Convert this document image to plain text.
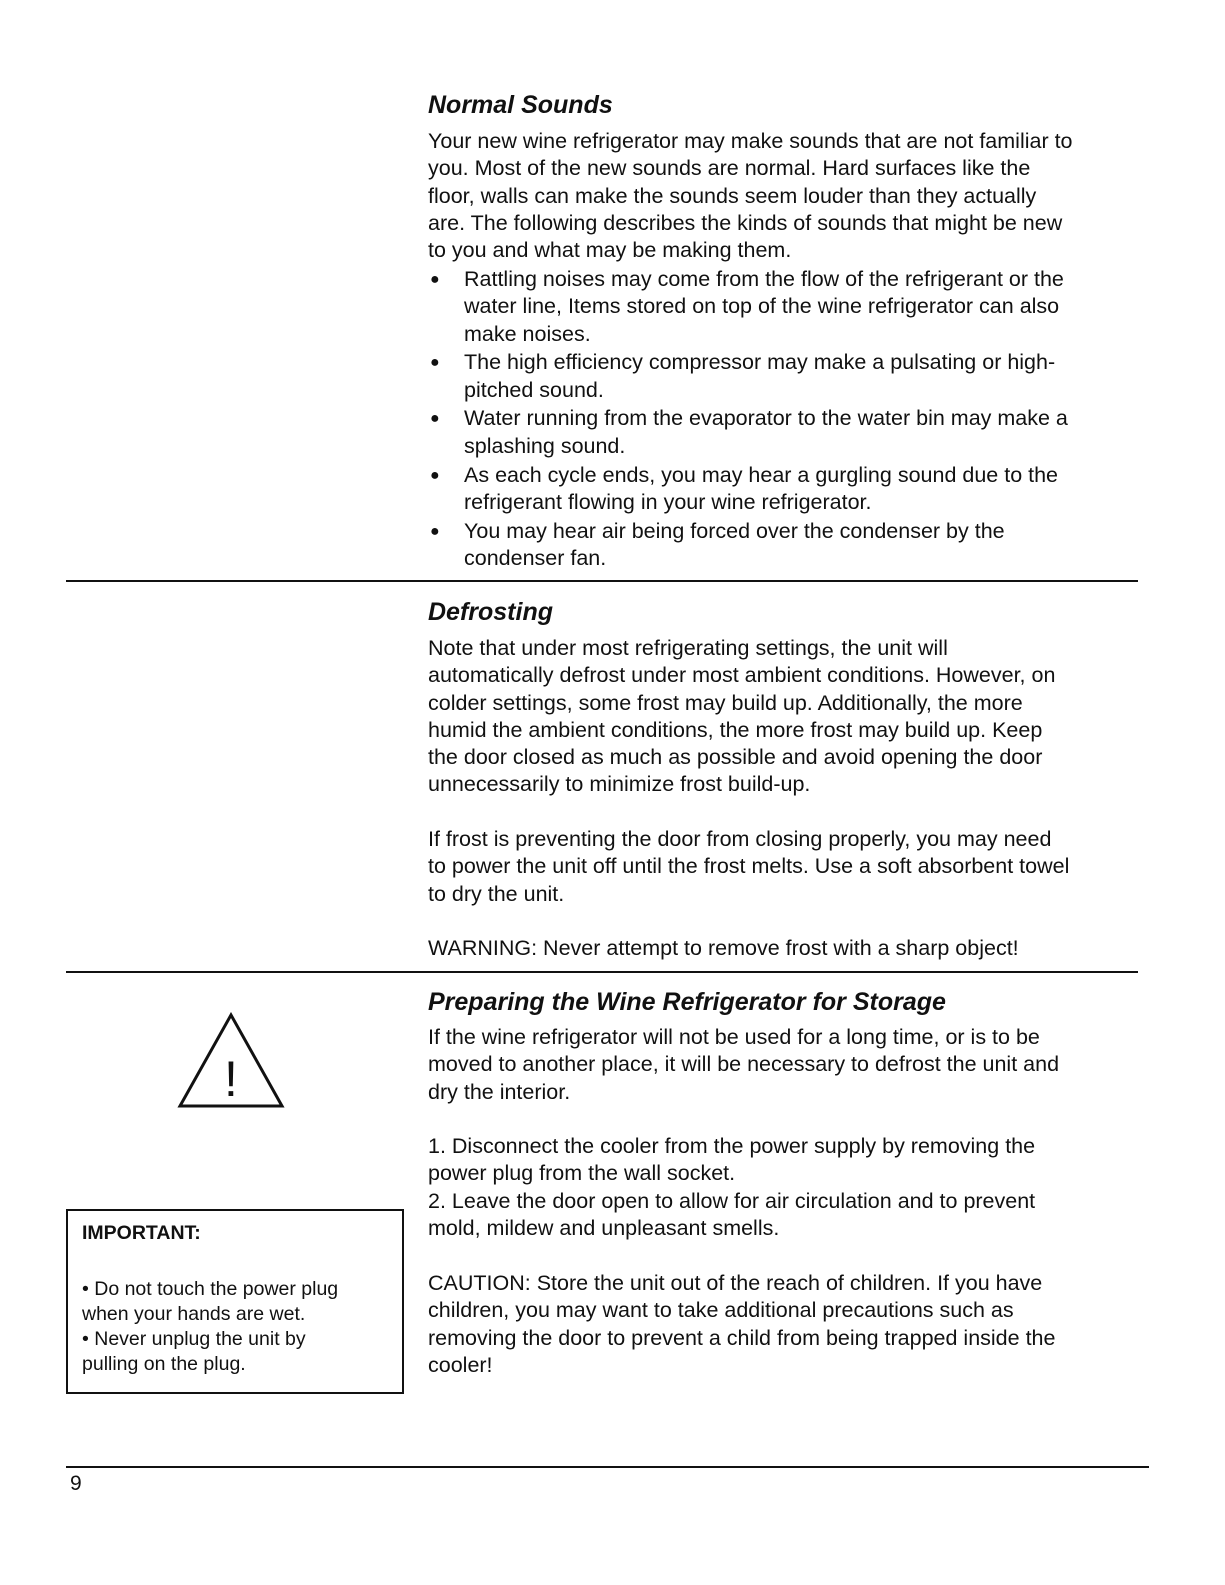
Normal Sounds
Your new wine refrigerator may make sounds that are not familiar to
you. Most of the new sounds are normal. Hard surfaces like the
floor, walls can make the sounds seem louder than they actually
are. The following describes the kinds of sounds that might be new
to you and what may be making them.
● Rattling noises may come from the flow of the refrigerant or the
water line, Items stored on top of the wine refrigerator can also
make noises.
● The high efficiency compressor may make a pulsating or high-
pitched sound.
● Water running from the evaporator to the water bin may make a
splashing sound.
● As each cycle ends, you may hear a gurgling sound due to the
refrigerant flowing in your wine refrigerator.
● You may hear air being forced over the condenser by the
condenser fan.
Defrosting
Note that under most refrigerating settings, the unit will
automatically defrost under most ambient conditions. However, on
colder settings, some frost may build up. Additionally, the more
humid the ambient conditions, the more frost may build up. Keep
the door closed as much as possible and avoid opening the door
unnecessarily to minimize frost build-up.
If frost is preventing the door from closing properly, you may need
to power the unit off until the frost melts. Use a soft absorbent towel
to dry the unit.
WARNING: Never attempt to remove frost with a sharp object!
Preparing the Wine Refrigerator for Storage
If the wine refrigerator will not be used for a long time, or is to be
moved to another place, it will be necessary to defrost the unit and
dry the interior.
1. Disconnect the cooler from the power supply by removing the
power plug from the wall socket.
2. Leave the door open to allow for air circulation and to prevent
mold, mildew and unpleasant smells.
CAUTION: Store the unit out of the reach of children. If you have
children, you may want to take additional precautions such as
removing the door to prevent a child from being trapped inside the
cooler!
!

IMPORTANT:

• Do not touch the power plug
when your hands are wet.
• Never unplug the unit by
pulling on the plug.
9
